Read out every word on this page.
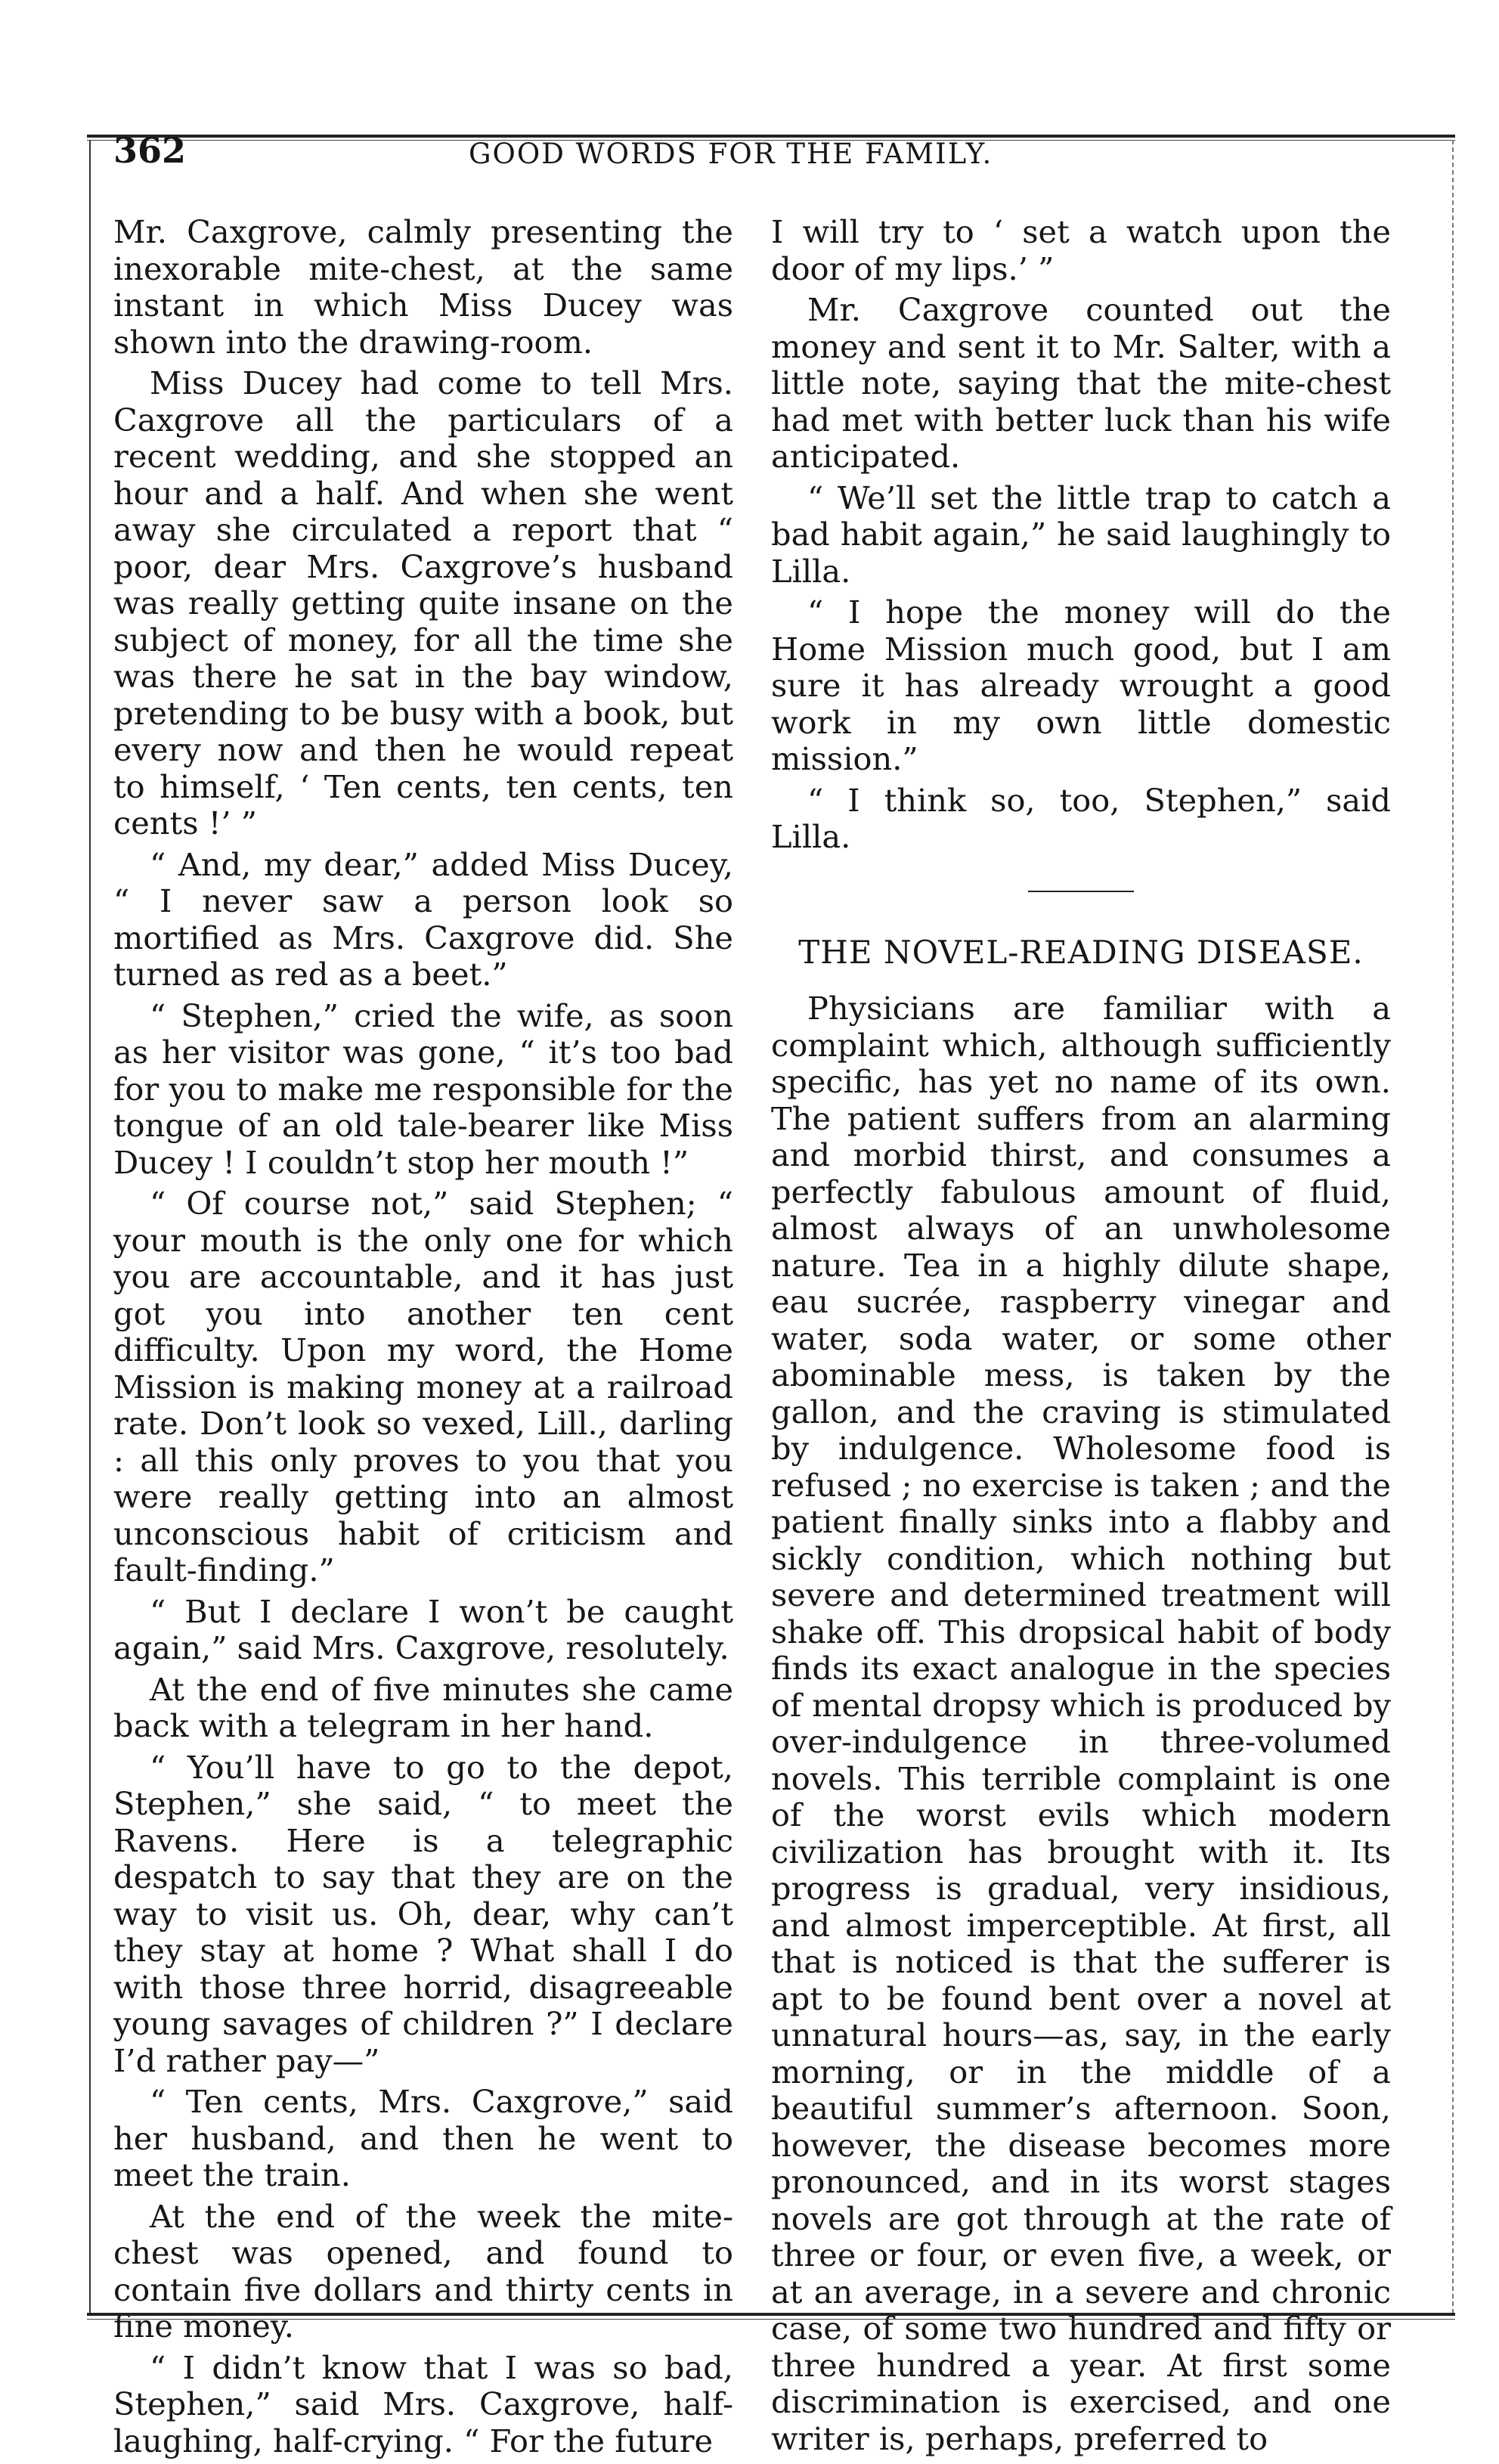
362	GOOD WORDS FOR THE FAMILY.

Mr. Caxgrove, calmly presenting the inexorable mite-chest, at the same instant in which Miss Ducey was shown into the drawing-room.

Miss Ducey had come to tell Mrs. Caxgrove all the particulars of a recent wedding, and she stopped an hour and a half. And when she went away she circulated a report that “ poor, dear Mrs. Caxgrove’s husband was really getting quite insane on the subject of money, for all the time she was there he sat in the bay window, pretending to be busy with a book, but every now and then he would repeat to himself, ‘ Ten cents, ten cents, ten cents !’ ”

“ And, my dear,” added Miss Ducey, “ I never saw a person look so mortified as Mrs. Caxgrove did. She turned as red as a beet.”

“ Stephen,” cried the wife, as soon as her visitor was gone, “ it’s too bad for you to make me responsible for the tongue of an old tale-bearer like Miss Ducey ! I couldn’t stop her mouth !”

“ Of course not,” said Stephen; “ your mouth is the only one for which you are accountable, and it has just got you into another ten cent difficulty. Upon my word, the Home Mission is making money at a railroad rate. Don’t look so vexed, Lill., darling : all this only proves to you that you were really getting into an almost unconscious habit of criticism and fault-finding.”

“ But I declare I won’t be caught again,” said Mrs. Caxgrove, resolutely.

At the end of five minutes she came back with a telegram in her hand.

“ You’ll have to go to the depot, Stephen,” she said, “ to meet the Ravens. Here is a telegraphic despatch to say that they are on the way to visit us. Oh, dear, why can’t they stay at home ? What shall I do with those three horrid, disagreeable young savages of children ?” I declare I’d rather pay—”

“ Ten cents, Mrs. Caxgrove,” said her husband, and then he went to meet the train.

At the end of the week the mite-chest was opened, and found to contain five dollars and thirty cents in fine money.

“ I didn’t know that I was so bad, Stephen,” said Mrs. Caxgrove, half-laughing, half-crying. “ For the future

I will try to ‘ set a watch upon the door of my lips.’ ”

Mr. Caxgrove counted out the money and sent it to Mr. Salter, with a little note, saying that the mite-chest had met with better luck than his wife anticipated.

“ We’ll set the little trap to catch a bad habit again,” he said laughingly to Lilla.

“ I hope the money will do the Home Mission much good, but I am sure it has already wrought a good work in my own little domestic mission.”

“ I think so, too, Stephen,” said Lilla.

THE NOVEL-READING DISEASE.

Physicians are familiar with a complaint which, although sufficiently specific, has yet no name of its own. The patient suffers from an alarming and morbid thirst, and consumes a perfectly fabulous amount of fluid, almost always of an unwholesome nature. Tea in a highly dilute shape, eau sucrée, raspberry vinegar and water, soda water, or some other abominable mess, is taken by the gallon, and the craving is stimulated by indulgence. Wholesome food is refused ; no exercise is taken ; and the patient finally sinks into a flabby and sickly condition, which nothing but severe and determined treatment will shake off. This dropsical habit of body finds its exact analogue in the species of mental dropsy which is produced by over-indulgence in three-volumed novels. This terrible complaint is one of the worst evils which modern civilization has brought with it. Its progress is gradual, very insidious, and almost imperceptible. At first, all that is noticed is that the sufferer is apt to be found bent over a novel at unnatural hours—as, say, in the early morning, or in the middle of a beautiful summer’s afternoon. Soon, however, the disease becomes more pronounced, and in its worst stages novels are got through at the rate of three or four, or even five, a week, or at an average, in a severe and chronic case, of some two hundred and fifty or three hundred a year. At first some discrimination is exercised, and one writer is, perhaps, preferred to
